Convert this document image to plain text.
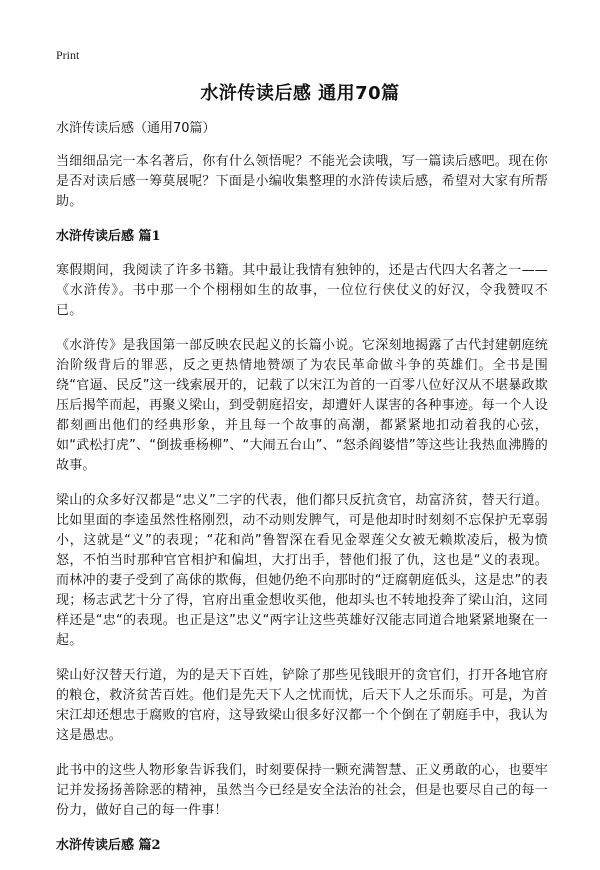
Print
水浒传读后感 通用70篇
水浒传读后感（通用70篇）

当细细品完一本名著后，你有什么领悟呢？不能光会读哦，写一篇读后感吧。现在你是否对读后感一筹莫展呢？下面是小编收集整理的水浒传读后感，希望对大家有所帮助。

水浒传读后感 篇1

寒假期间，我阅读了许多书籍。其中最让我情有独钟的，还是古代四大名著之一——《水浒传》。书中那一个个栩栩如生的故事，一位位行侠仗义的好汉，令我赞叹不已。

《水浒传》是我国第一部反映农民起义的长篇小说。它深刻地揭露了古代封建朝庭统治阶级背后的罪恶，反之更热情地赞颂了为农民革命做斗争的英雄们。全书是围绕“官逼、民反”这一线索展开的，记载了以宋江为首的一百零八位好汉从不堪暴政欺压后揭竿而起，再聚义梁山，到受朝庭招安，却遭奸人谋害的各种事迹。每一个人设都刻画出他们的经典形象，并且每一个故事的高潮，都紧紧地扣动着我的心弦，如“武松打虎”、“倒拔垂杨柳”、“大闹五台山”、“怒杀阎婆惜”等这些让我热血沸腾的故事。

梁山的众多好汉都是“忠义”二字的代表，他们都只反抗贪官，劫富济贫，替天行道。比如里面的李逵虽然性格刚烈，动不动则发脾气，可是他却时时刻刻不忘保护无辜弱小，这就是“义”的表现；“花和尚”鲁智深在看见金翠莲父女被无赖欺凌后，极为愤怒，不怕当时那种官官相护和偏坦，大打出手，替他们报了仇，这也是“义的表现。而林冲的妻子受到了高俅的欺侮，但她仍绝不向那时的“迂腐朝庭低头，这是忠”的表现；杨志武艺十分了得，官府出重金想收买他，他却头也不转地投奔了梁山泊，这同样还是“忠“的表现。也正是这”忠义“两字让这些英雄好汉能志同道合地紧紧地聚在一起。

梁山好汉替天行道，为的是天下百姓，铲除了那些见钱眼开的贪官们，打开各地官府的粮仓，救济贫苦百姓。他们是先天下人之忧而忧，后天下人之乐而乐。可是，为首宋江却还想忠于腐败的官府，这导致梁山很多好汉都一个个倒在了朝庭手中，我认为这是愚忠。

此书中的这些人物形象告诉我们，时刻要保持一颗充满智慧、正义勇敢的心，也要牢记并发扬扬善除恶的精神，虽然当今已经是安全法治的社会，但是也要尽自己的每一份力，做好自己的每一件事！

水浒传读后感 篇2
